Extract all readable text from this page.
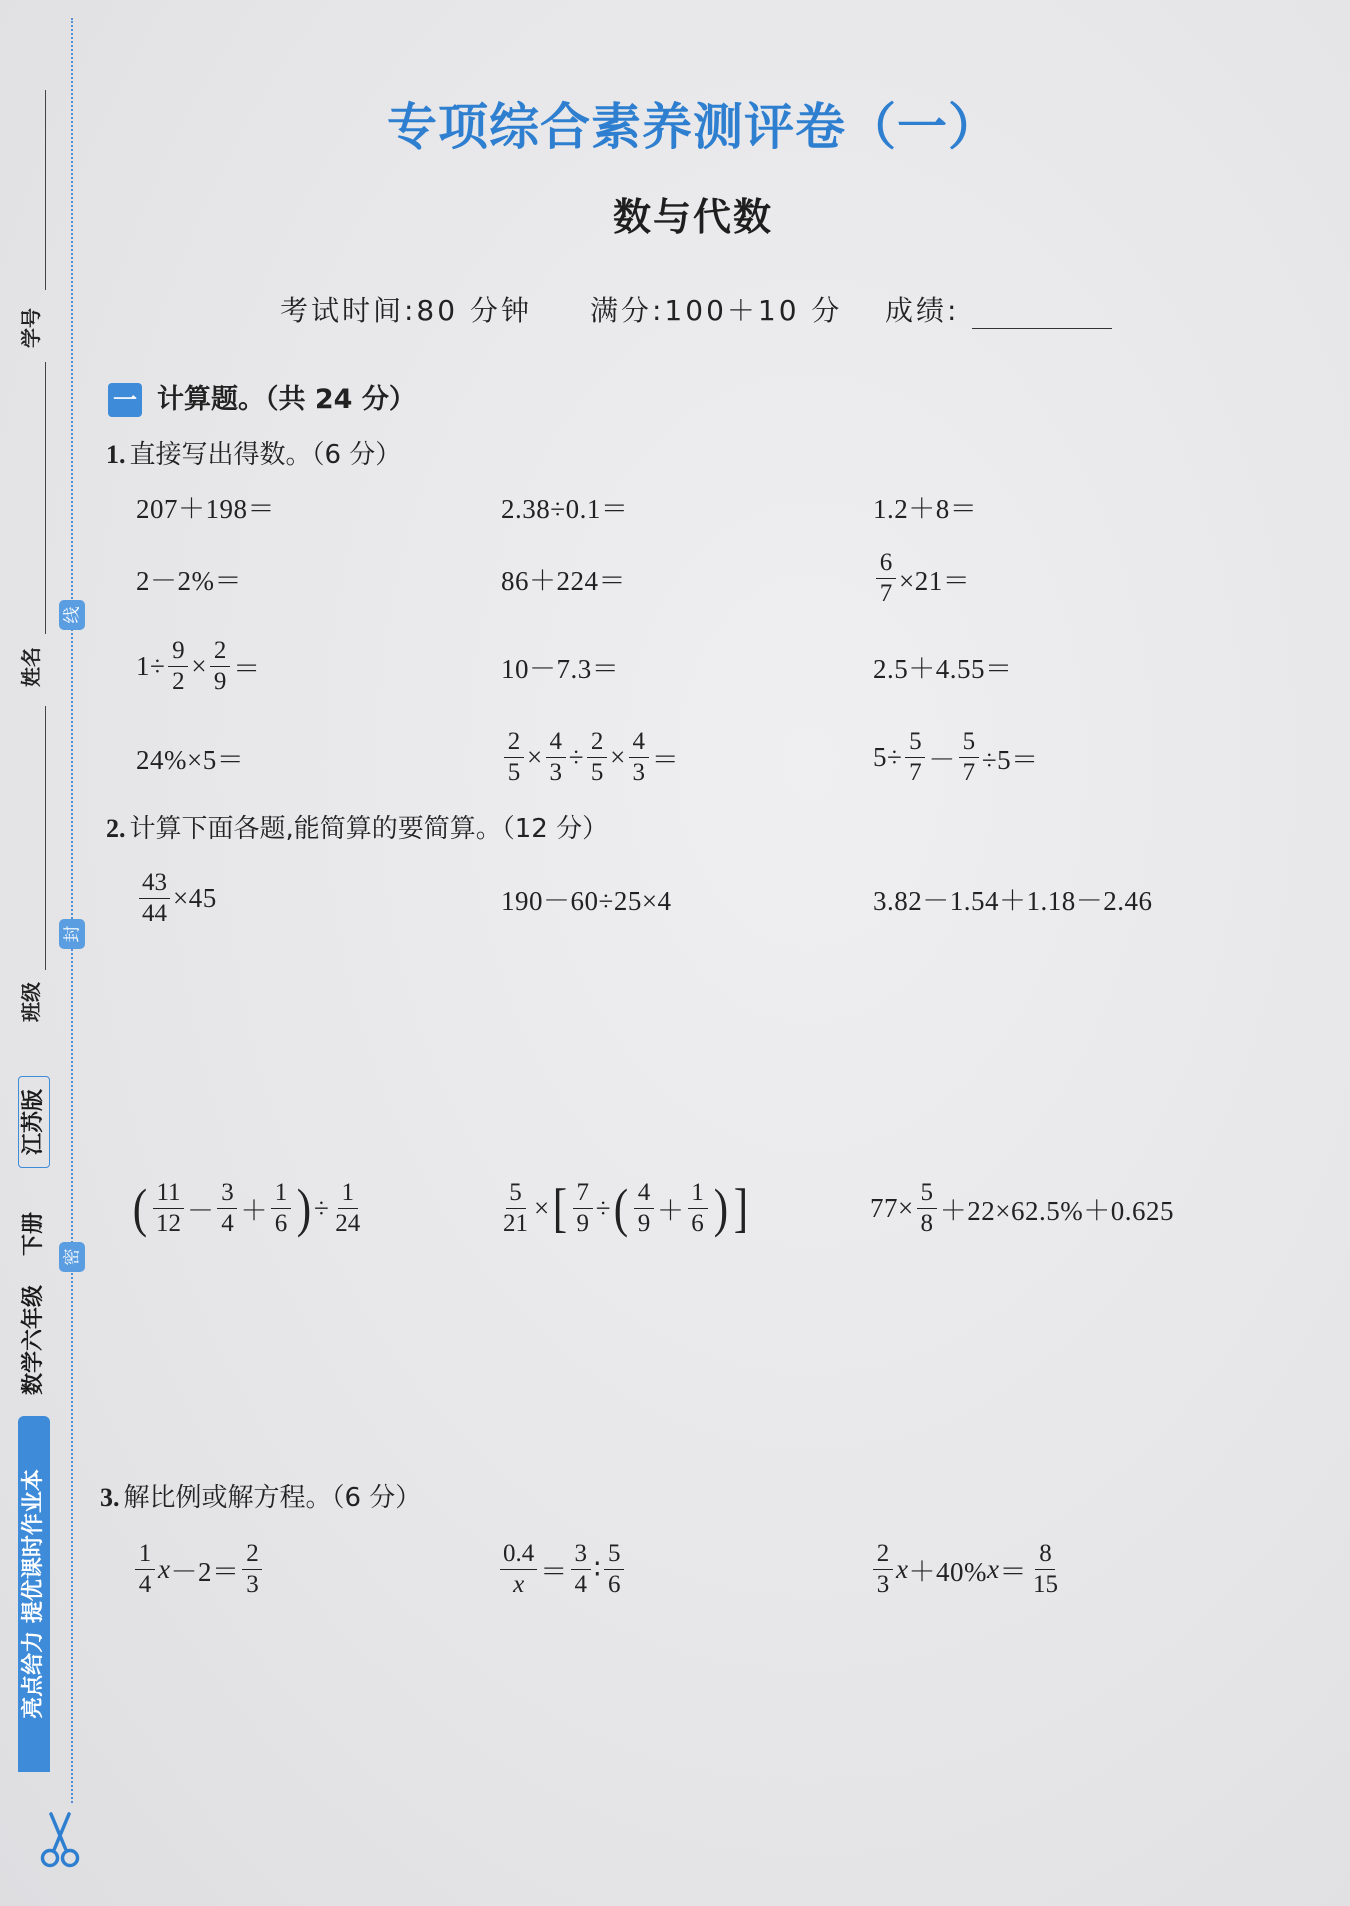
专项综合素养测评卷（一）
数与代数
考试时间:80 分钟 满分:100＋10 分 成绩:
一 计算题。（共 24 分）
1. 直接写出得数。（6 分）
207＋198＝	2.38÷0.1＝	1.2＋8＝
2－2%＝	86＋224＝	$\frac{6}{7} \times 21=$
$1\div \frac{9}{2} \times \frac{2}{9}$ ＝	10－7.3＝	2.5＋4.55＝
24%×5＝	$\frac{2}{5} \times \frac{4}{3} \div \frac{2}{5} \times \frac{4}{3}$ ＝	$5\div \frac{5}{7} - \frac{5}{7} \div 5=$
2. 计算下面各题,能简算的要简算。（12 分）
$\frac{43}{44} \times 45$	190－60÷25×4	3.82－1.54＋1.18－2.46
( $\frac{11}{12} - \frac{3}{4} + \frac{1}{6}$ ) ÷ $\frac{1}{24}$	$\frac{5}{21}$ × [ $\frac{7}{9}$ ÷ ( $\frac{4}{9} + \frac{1}{6}$ ) ]	$77\times \frac{5}{8} +22\times 62.5\%+0.625$
3. 解比例或解方程。（6 分）
$\frac{1}{4}$ $x -2= \frac{2}{3}$	$\frac{0.4}{x} = \frac{3}{4}$ ∶ $\frac{5}{6}$	$\frac{2}{3}$ x ＋40% $x = \frac{8}{15}$
学号
姓名
班级
线
封
密
亮点给力 提优课时作业本
数学六年级
下册
江苏版
